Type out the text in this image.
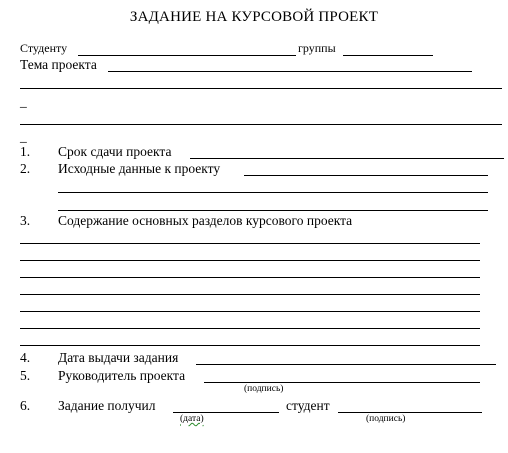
ЗАДАНИЕ НА КУРСОВОЙ ПРОЕКТ
Студенту	группы
Тема проекта
_
_
1. Срок сдачи проекта
2. Исходные данные к проекту
3. Содержание основных разделов курсового проекта
4. Дата выдачи задания
5. Руководитель проекта
(подпись)
6. Задание получил	студент
(дата)	(подпись)
